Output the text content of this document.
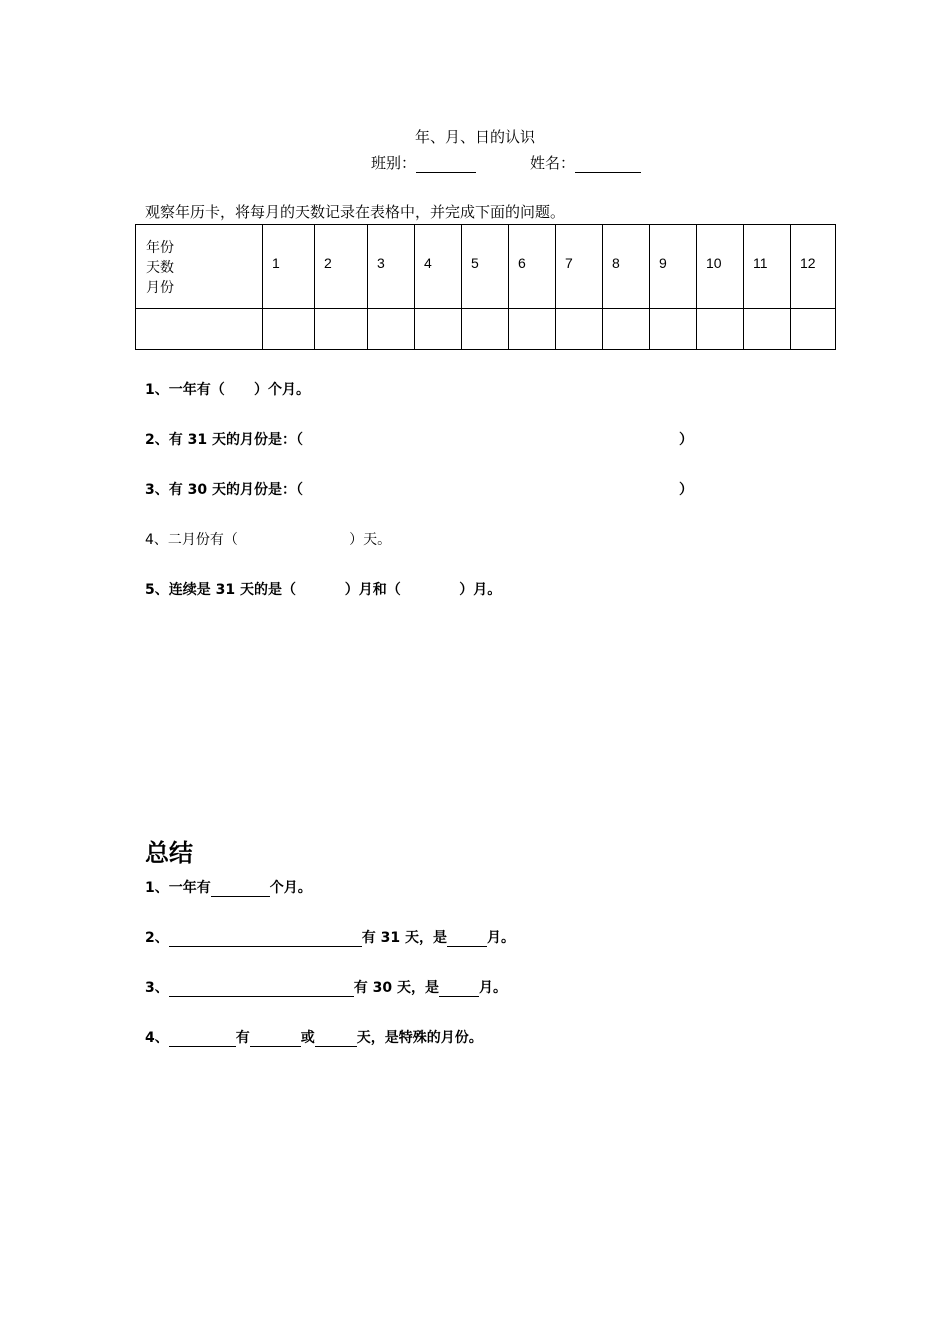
年、月、日的认识
班别：	姓名：
观察年历卡，将每月的天数记录在表格中，并完成下面的问题。
年份
天数
月份	1	2	3	4	5	6	7	8	9	10	11	12

1、一年有（      ）个月。
2、有 31 天的月份是：（	）
3、有 30 天的月份是：（	）
4、二月份有（                         ）天。
5、连续是 31 天的是（          ）月和（            ）月。
总结
1、一年有	个月。
2、	有 31 天，是	月。
3、	有 30 天，是	月。
4、	有	或	天，是特殊的月份。
